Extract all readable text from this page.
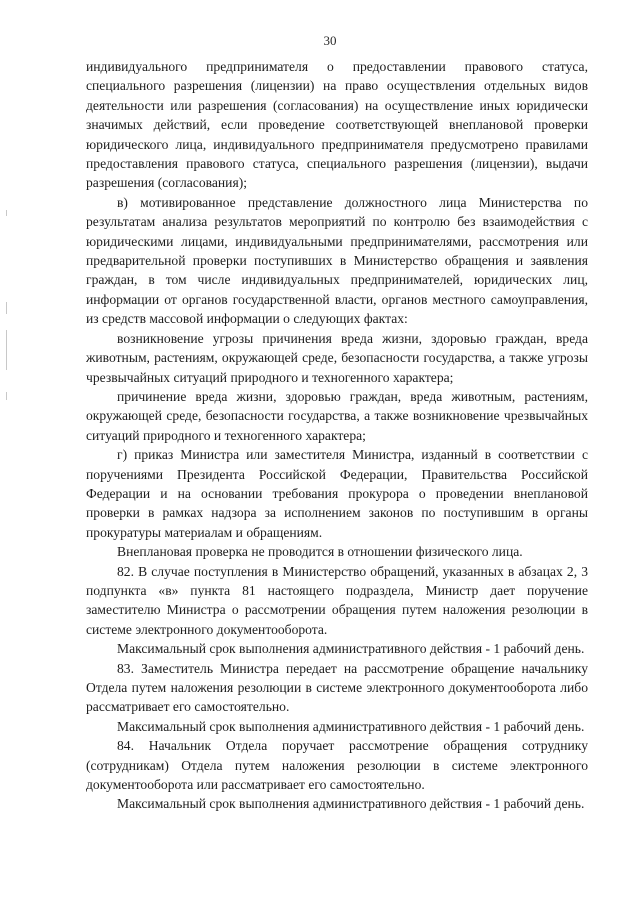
30

индивидуального предпринимателя о предоставлении правового статуса, специального разрешения (лицензии) на право осуществления отдельных видов деятельности или разрешения (согласования) на осуществление иных юридически значимых действий, если проведение соответствующей внеплановой проверки юридического лица, индивидуального предпринимателя предусмотрено правилами предоставления правового статуса, специального разрешения (лицензии), выдачи разрешения (согласования);

в) мотивированное представление должностного лица Министерства по результатам анализа результатов мероприятий по контролю без взаимодействия с юридическими лицами, индивидуальными предпринимателями, рассмотрения или предварительной проверки поступивших в Министерство обращения и заявления граждан, в том числе индивидуальных предпринимателей, юридических лиц, информации от органов государственной власти, органов местного самоуправления, из средств массовой информации о следующих фактах:

возникновение угрозы причинения вреда жизни, здоровью граждан, вреда животным, растениям, окружающей среде, безопасности государства, а также угрозы чрезвычайных ситуаций природного и техногенного характера;

причинение вреда жизни, здоровью граждан, вреда животным, растениям, окружающей среде, безопасности государства, а также возникновение чрезвычайных ситуаций природного и техногенного характера;

г) приказ Министра или заместителя Министра, изданный в соответствии с поручениями Президента Российской Федерации, Правительства Российской Федерации и на основании требования прокурора о проведении внеплановой проверки в рамках надзора за исполнением законов по поступившим в органы прокуратуры материалам и обращениям.

Внеплановая проверка не проводится в отношении физического лица.

82. В случае поступления в Министерство обращений, указанных в абзацах 2, 3 подпункта «в» пункта 81 настоящего подраздела, Министр дает поручение заместителю Министра о рассмотрении обращения путем наложения резолюции в системе электронного документооборота.

Максимальный срок выполнения административного действия - 1 рабочий день.

83. Заместитель Министра передает на рассмотрение обращение начальнику Отдела путем наложения резолюции в системе электронного документооборота либо рассматривает его самостоятельно.

Максимальный срок выполнения административного действия - 1 рабочий день.

84. Начальник Отдела поручает рассмотрение обращения сотруднику (сотрудникам) Отдела путем наложения резолюции в системе электронного документооборота или рассматривает его самостоятельно.

Максимальный срок выполнения административного действия - 1 рабочий день.
